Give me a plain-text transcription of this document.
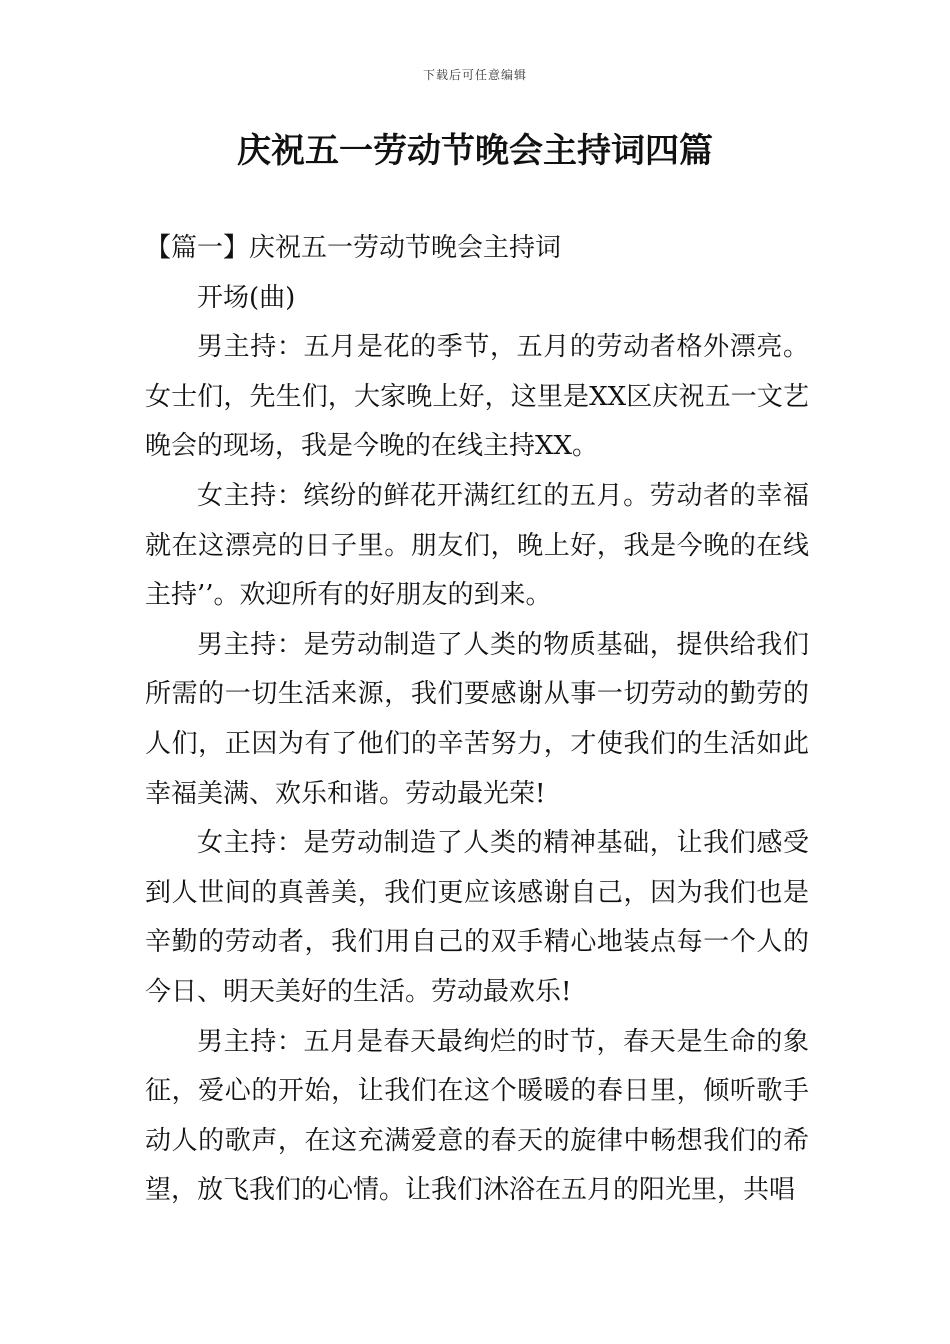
下载后可任意编辑
庆祝五一劳动节晚会主持词四篇
【篇一】庆祝五一劳动节晚会主持词

开场(曲)

男主持：五月是花的季节，五月的劳动者格外漂亮。女士们，先生们，大家晚上好，这里是XX区庆祝五一文艺晚会的现场，我是今晚的在线主持XX。

女主持：缤纷的鲜花开满红红的五月。劳动者的幸福就在这漂亮的日子里。朋友们，晚上好，我是今晚的在线主持’’。欢迎所有的好朋友的到来。

男主持：是劳动制造了人类的物质基础，提供给我们所需的一切生活来源，我们要感谢从事一切劳动的勤劳的人们，正因为有了他们的辛苦努力，才使我们的生活如此幸福美满、欢乐和谐。劳动最光荣!

女主持：是劳动制造了人类的精神基础，让我们感受到人世间的真善美，我们更应该感谢自己，因为我们也是辛勤的劳动者，我们用自己的双手精心地装点每一个人的今日、明天美好的生活。劳动最欢乐!

男主持：五月是春天最绚烂的时节，春天是生命的象征，爱心的开始，让我们在这个暖暖的春日里，倾听歌手动人的歌声，在这充满爱意的春天的旋律中畅想我们的希望，放飞我们的心情。让我们沐浴在五月的阳光里，共唱
